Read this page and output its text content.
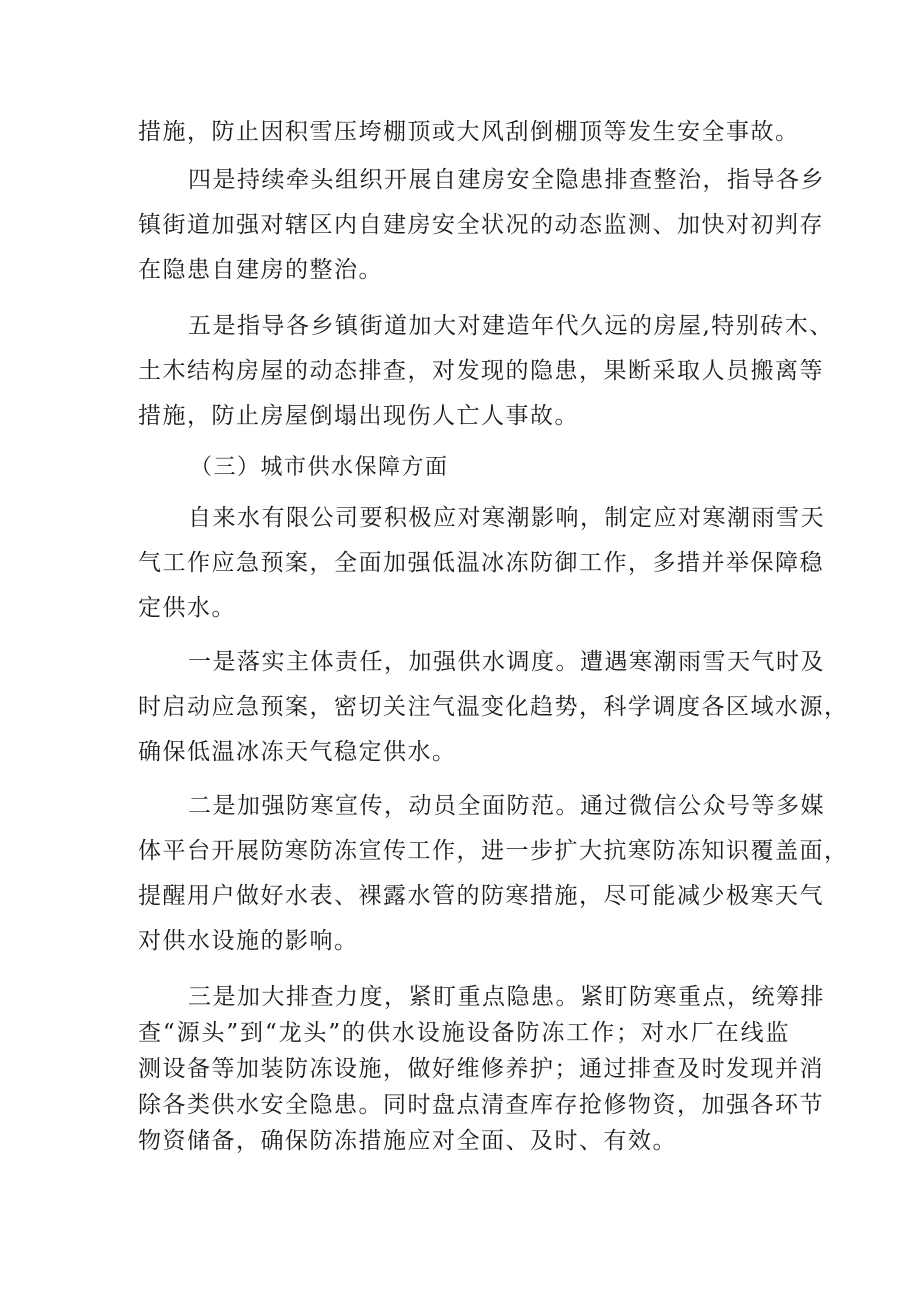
措施，防止因积雪压垮棚顶或大风刮倒棚顶等发生安全事故。
四是持续牵头组织开展自建房安全隐患排查整治，指导各乡
镇街道加强对辖区内自建房安全状况的动态监测、加快对初判存
在隐患自建房的整治。
五是指导各乡镇街道加大对建造年代久远的房屋,特别砖木、
土木结构房屋的动态排查，对发现的隐患，果断采取人员搬离等
措施，防止房屋倒塌出现伤人亡人事故。
（三）城市供水保障方面
自来水有限公司要积极应对寒潮影响，制定应对寒潮雨雪天
气工作应急预案，全面加强低温冰冻防御工作，多措并举保障稳
定供水。
一是落实主体责任，加强供水调度。遭遇寒潮雨雪天气时及
时启动应急预案，密切关注气温变化趋势，科学调度各区域水源，
确保低温冰冻天气稳定供水。
二是加强防寒宣传，动员全面防范。通过微信公众号等多媒
体平台开展防寒防冻宣传工作，进一步扩大抗寒防冻知识覆盖面，
提醒用户做好水表、裸露水管的防寒措施，尽可能减少极寒天气
对供水设施的影响。
三是加大排查力度，紧盯重点隐患。紧盯防寒重点，统筹排
查“源头”到“龙头”的供水设施设备防冻工作；对水厂在线监
测设备等加装防冻设施，做好维修养护；通过排查及时发现并消
除各类供水安全隐患。同时盘点清查库存抢修物资，加强各环节
物资储备，确保防冻措施应对全面、及时、有效。
